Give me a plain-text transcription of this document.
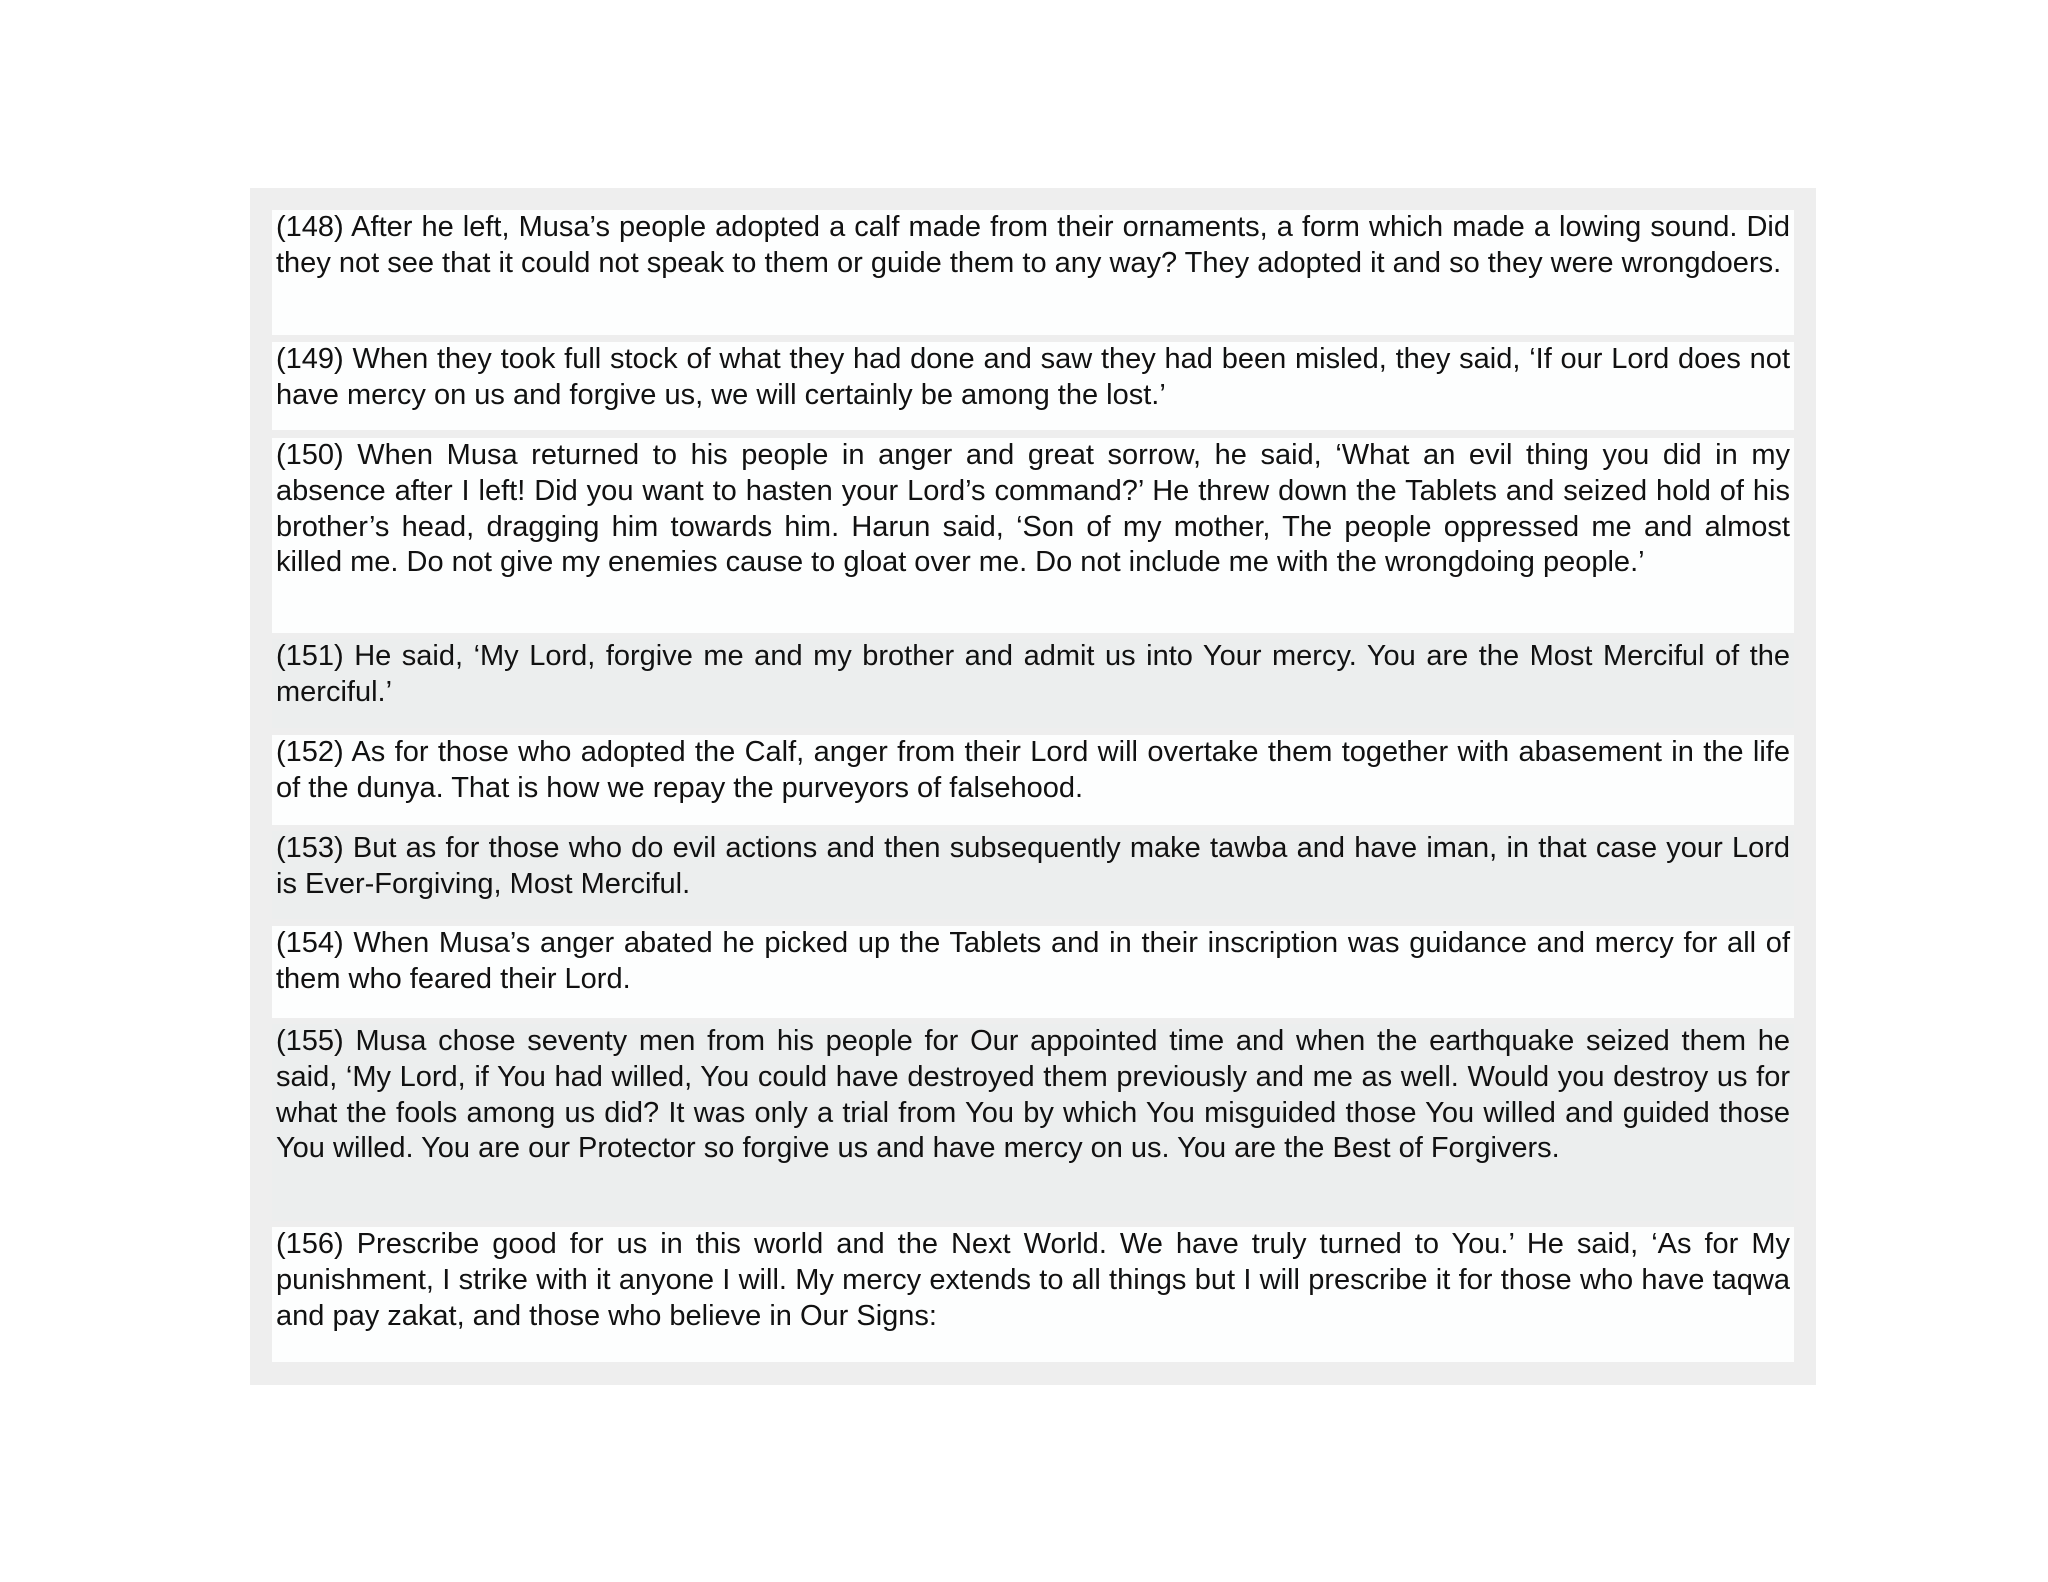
(148) After he left, Musa’s people adopted a calf made from their ornaments, a form which made a lowing sound. Did they not see that it could not speak to them or guide them to any way? They adopted it and so they were wrongdoers.
(149) When they took full stock of what they had done and saw they had been misled, they said, ‘If our Lord does not have mercy on us and forgive us, we will certainly be among the lost.’
(150) When Musa returned to his people in anger and great sorrow, he said, ‘What an evil thing you did in my absence after I left! Did you want to hasten your Lord’s command?’ He threw down the Tablets and seized hold of his brother’s head, dragging him towards him. Harun said, ‘Son of my mother, The people oppressed me and almost killed me. Do not give my enemies cause to gloat over me. Do not include me with the wrongdoing people.’
(151) He said, ‘My Lord, forgive me and my brother and admit us into Your mercy. You are the Most Merciful of the merciful.’
(152) As for those who adopted the Calf, anger from their Lord will overtake them together with abasement in the life of the dunya. That is how we repay the purveyors of falsehood.
(153) But as for those who do evil actions and then subsequently make tawba and have iman, in that case your Lord is Ever-Forgiving, Most Merciful.
(154) When Musa’s anger abated he picked up the Tablets and in their inscription was guidance and mercy for all of them who feared their Lord.
(155) Musa chose seventy men from his people for Our appointed time and when the earthquake seized them he said, ‘My Lord, if You had willed, You could have destroyed them previously and me as well. Would you destroy us for what the fools among us did? It was only a trial from You by which You misguided those You willed and guided those You willed. You are our Protector so forgive us and have mercy on us. You are the Best of Forgivers.
(156) Prescribe good for us in this world and the Next World. We have truly turned to You.’ He said, ‘As for My punishment, I strike with it anyone I will. My mercy extends to all things but I will prescribe it for those who have taqwa and pay zakat, and those who believe in Our Signs:
